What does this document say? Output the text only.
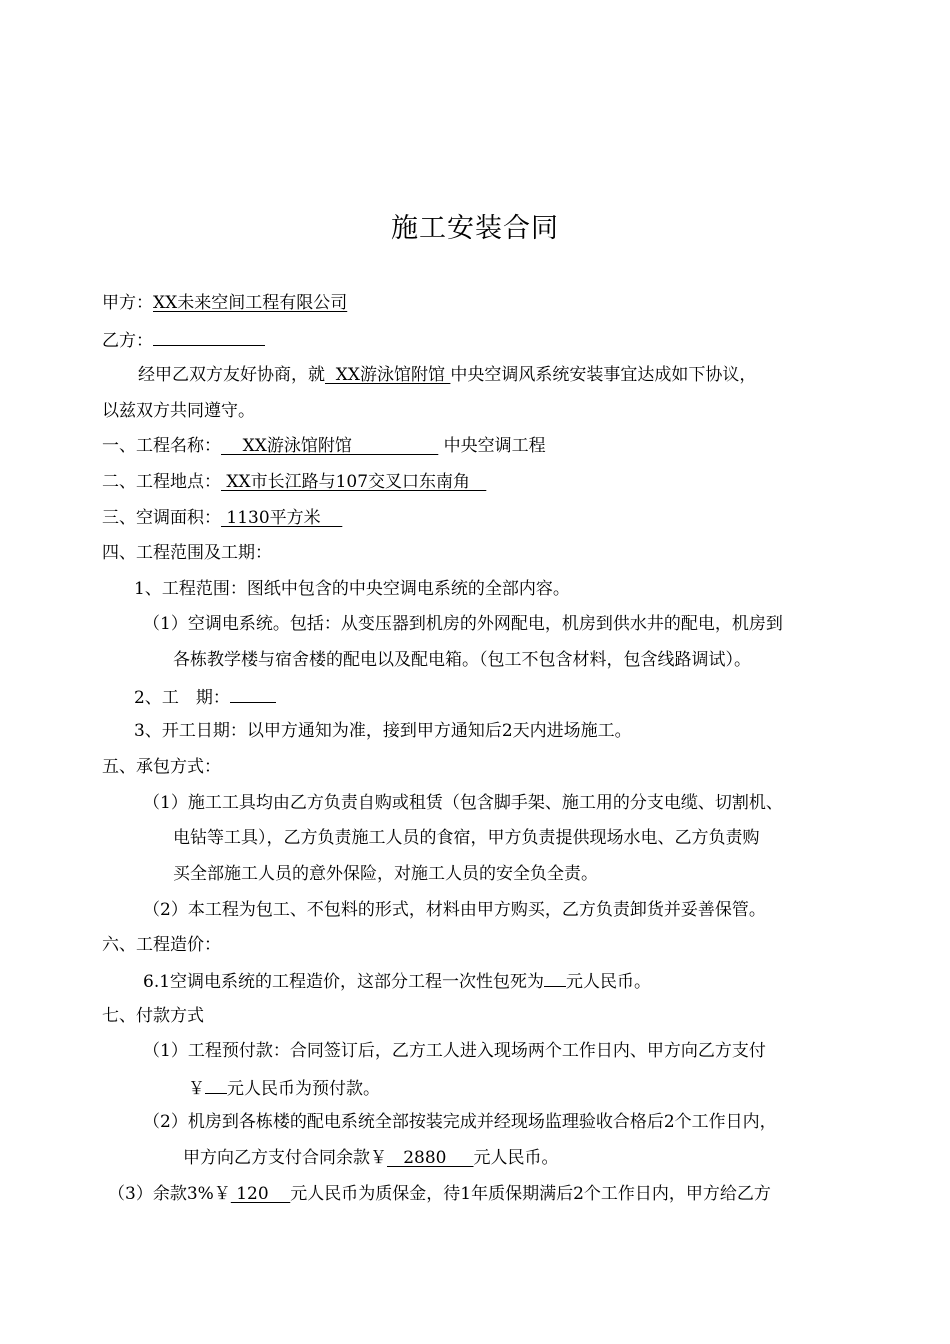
施工安装合同
甲方：XX未来空间工程有限公司
乙方：
经甲乙双方友好协商，就  XX游泳馆附馆 中央空调风系统安装事宜达成如下协议，
以兹双方共同遵守。
一、工程名称：    XX游泳馆附馆                 中央空调工程
二、工程地点： XX市长江路与107交叉口东南角
三、空调面积： 1130平方米
四、工程范围及工期：
1、工程范围：图纸中包含的中央空调电系统的全部内容。
（1）空调电系统。包括：从变压器到机房的外网配电，机房到供水井的配电，机房到
各栋教学楼与宿舍楼的配电以及配电箱。（包工不包含材料，包含线路调试）。
2、工　期：
3、开工日期：以甲方通知为准，接到甲方通知后2天内进场施工。
五、承包方式：
（1）施工工具均由乙方负责自购或租赁（包含脚手架、施工用的分支电缆、切割机、
电钻等工具），乙方负责施工人员的食宿，甲方负责提供现场水电、乙方负责购
买全部施工人员的意外保险，对施工人员的安全负全责。
（2）本工程为包工、不包料的形式，材料由甲方购买，乙方负责卸货并妥善保管。
六、工程造价：
6.1空调电系统的工程造价，这部分工程一次性包死为 元人民币。
七、付款方式
（1）工程预付款：合同签订后，乙方工人进入现场两个工作日内、甲方向乙方支付
￥ 元人民币为预付款。
（2）机房到各栋楼的配电系统全部按装完成并经现场监理验收合格后2个工作日内，
甲方向乙方支付合同余款￥   2880     元人民币。
（3）余款3%￥ 120    元人民币为质保金，待1年质保期满后2个工作日内，甲方给乙方
